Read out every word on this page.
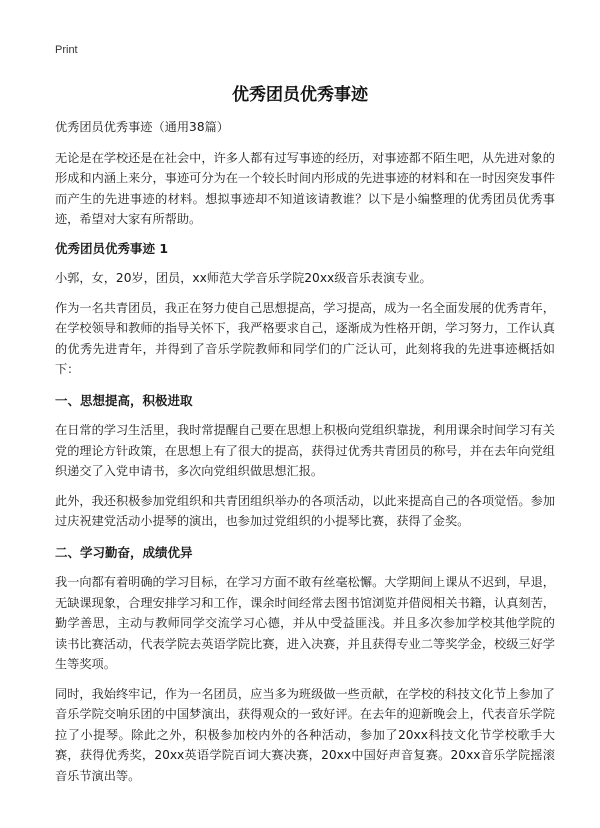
Print
优秀团员优秀事迹

优秀团员优秀事迹（通用38篇）

无论是在学校还是在社会中，许多人都有过写事迹的经历，对事迹都不陌生吧，从先进对象的形成和内涵上来分，事迹可分为在一个较长时间内形成的先进事迹的材料和在一时因突发事件而产生的先进事迹的材料。想拟事迹却不知道该请教谁？以下是小编整理的优秀团员优秀事迹，希望对大家有所帮助。

优秀团员优秀事迹 1

小郭，女，20岁，团员，xx师范大学音乐学院20xx级音乐表演专业。

作为一名共青团员，我正在努力使自己思想提高，学习提高，成为一名全面发展的优秀青年，在学校领导和教师的指导关怀下，我严格要求自己，逐渐成为性格开朗，学习努力，工作认真的优秀先进青年，并得到了音乐学院教师和同学们的广泛认可，此刻将我的先进事迹概括如下：

一、思想提高，积极进取

在日常的学习生活里，我时常提醒自己要在思想上积极向党组织靠拢，利用课余时间学习有关党的理论方针政策，在思想上有了很大的提高，获得过优秀共青团员的称号，并在去年向党组织递交了入党申请书，多次向党组织做思想汇报。

此外，我还积极参加党组织和共青团组织举办的各项活动，以此来提高自己的各项觉悟。参加过庆祝建党活动小提琴的演出，也参加过党组织的小提琴比赛，获得了金奖。

二、学习勤奋，成绩优异

我一向都有着明确的学习目标，在学习方面不敢有丝毫松懈。大学期间上课从不迟到，早退，无缺课现象，合理安排学习和工作，课余时间经常去图书馆浏览并借阅相关书籍，认真刻苦，勤学善思，主动与教师同学交流学习心德，并从中受益匪浅。并且多次参加学校其他学院的 读书比赛活动，代表学院去英语学院比赛，进入决赛，并且获得专业二等奖学金，校级三好学生等奖项。

同时，我始终牢记，作为一名团员，应当多为班级做一些贡献，在学校的科技文化节上参加了音乐学院交响乐团的中国梦演出，获得观众的一致好评。在去年的迎新晚会上，代表音乐学院拉了小提琴。除此之外，积极参加校内外的各种活动，参加了20xx科技文化节学校歌手大赛，获得优秀奖，20xx英语学院百词大赛决赛，20xx中国好声音复赛。20xx音乐学院摇滚音乐节演出等。
